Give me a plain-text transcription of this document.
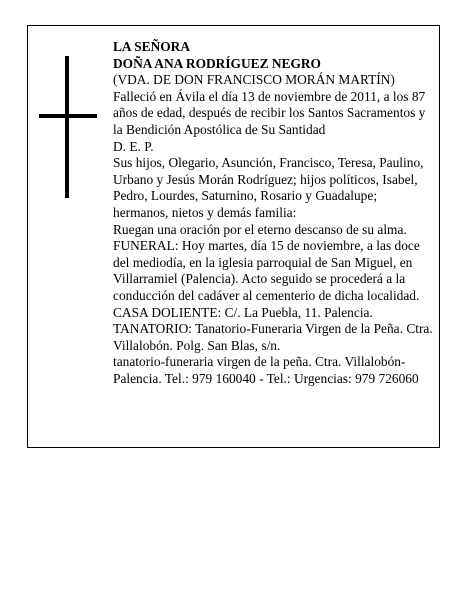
LA SEÑORA

DOÑA ANA RODRÍGUEZ NEGRO

(VDA. DE DON FRANCISCO MORÁN MARTÍN)

Falleció en Ávila el día 13 de noviembre de 2011, a los 87 años de edad, después de recibir los Santos Sacramentos y la Bendición Apostólica de Su Santidad

D. E. P.

Sus hijos, Olegario, Asunción, Francisco, Teresa, Paulino, Urbano y Jesús Morán Rodríguez; hijos políticos, Isabel, Pedro, Lourdes, Saturnino, Rosario y Guadalupe; hermanos, nietos y demás familia:

Ruegan una oración por el eterno descanso de su alma.

FUNERAL: Hoy martes, día 15 de noviembre, a las doce del mediodía, en la iglesia parroquial de San Miguel, en Villarramiel (Palencia). Acto seguido se procederá a la conducción del cadáver al cementerio de dicha localidad.

CASA DOLIENTE: C/. La Puebla, 11. Palencia.

TANATORIO: Tanatorio-Funeraria Virgen de la Peña. Ctra. Villalobón. Polg. San Blas, s/n.

tanatorio-funeraria virgen de la peña. Ctra. Villalobón-Palencia. Tel.: 979 160040 - Tel.: Urgencias: 979 726060
